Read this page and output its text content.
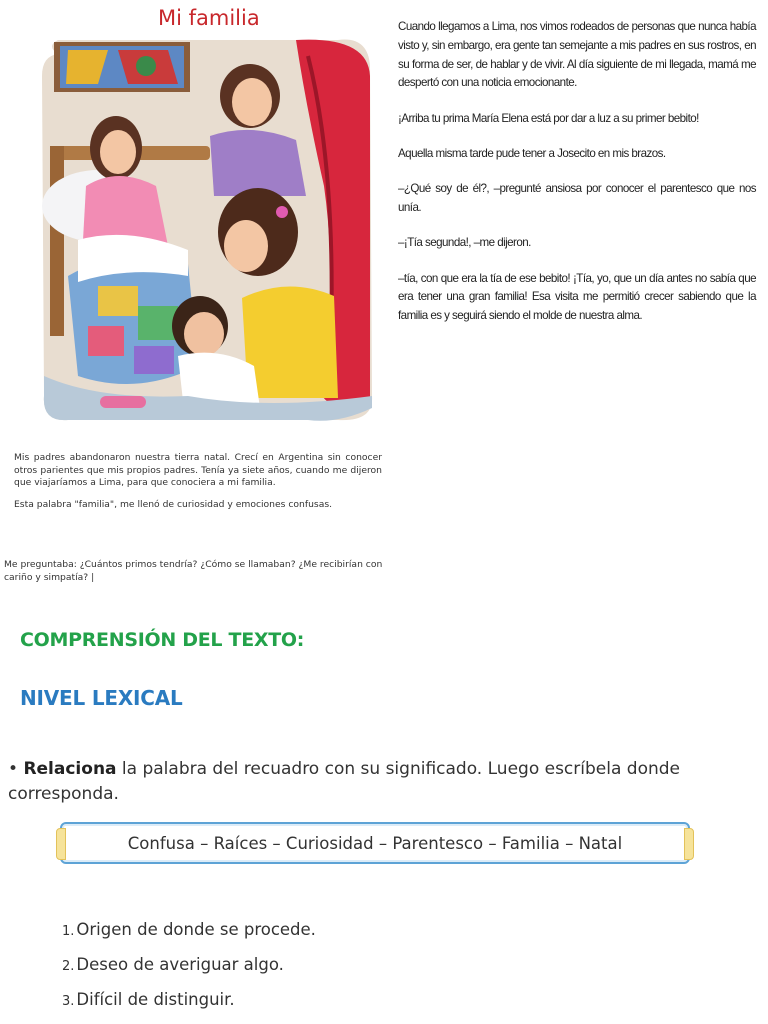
Mi familia

Mis padres abandonaron nuestra tierra natal. Crecí en Argentina sin conocer otros parientes que mis propios padres. Tenía ya siete años, cuando me dijeron que viajaríamos a Lima, para que conociera a mi familia.

Esta palabra "familia", me llenó de curiosidad y emociones confusas.

Me preguntaba: ¿Cuántos primos tendría? ¿Cómo se llamaban? ¿Me recibirían con cariño y simpatía? |

Cuando llegamos a Lima, nos vimos rodeados de personas que nunca había visto y, sin embargo, era gente tan semejante a mis padres en sus rostros, en su forma de ser, de hablar y de vivir. Al día siguiente de mi llegada, mamá me despertó con una noticia emocionante.

¡Arriba tu prima María Elena está por dar a luz a su primer bebito!

Aquella misma tarde pude tener a Josecito en mis brazos.

–¿Qué soy de él?, –pregunté ansiosa por conocer el parentesco que nos unía.

–¡Tía segunda!, –me dijeron.

–tía, con que era la tía de ese bebito! ¡Tía, yo, que un día antes no sabía que era tener una gran familia! Esa visita me permitió crecer sabiendo que la familia es y seguirá siendo el molde de nuestra alma.

COMPRENSIÓN DEL TEXTO:
NIVEL LEXICAL
• Relaciona la palabra del recuadro con su significado. Luego escríbela donde corresponda.
Confusa – Raíces – Curiosidad – Parentesco – Familia – Natal
1. Origen de donde se procede.
2. Deseo de averiguar algo.
3. Difícil de distinguir.
